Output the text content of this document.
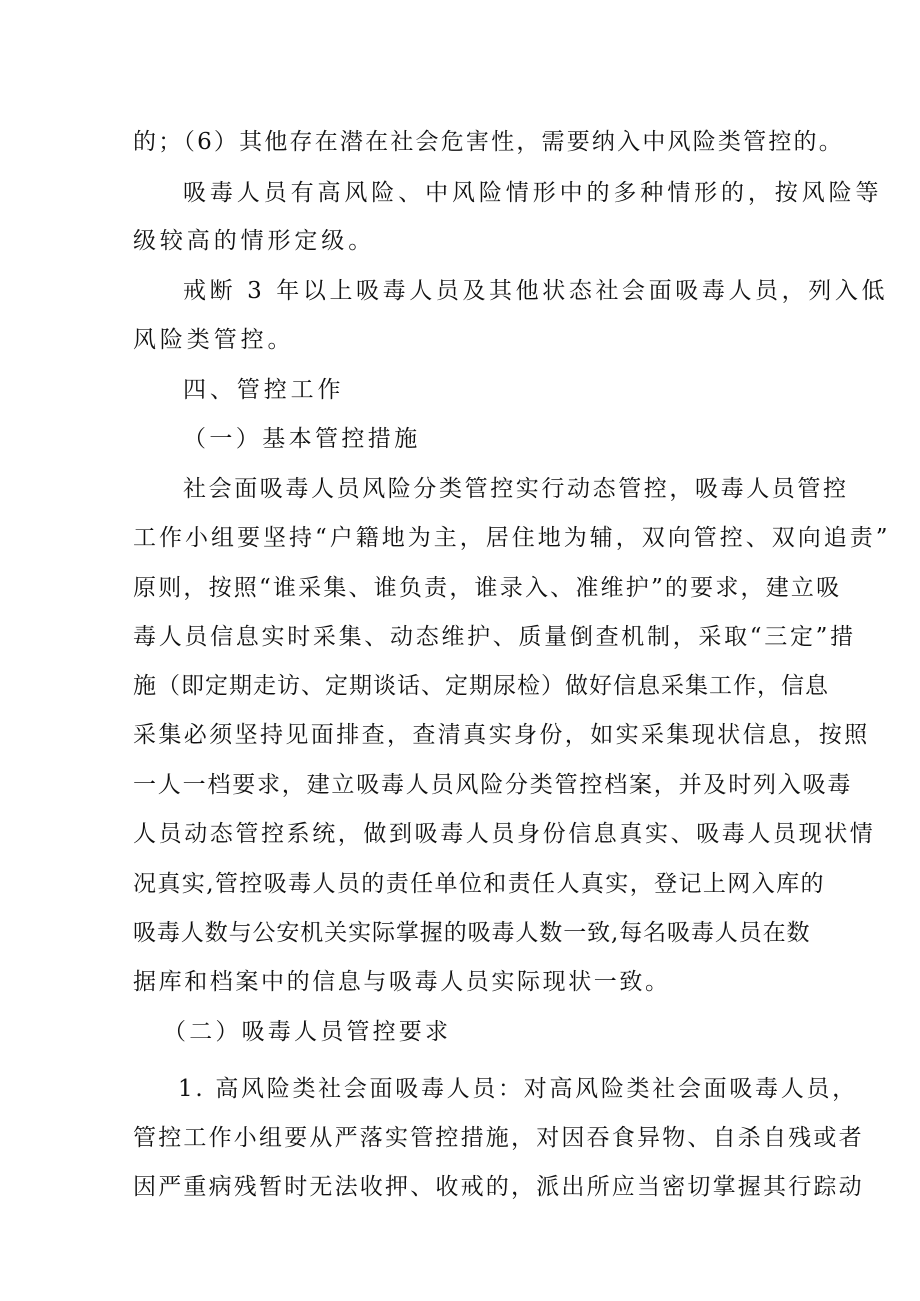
的；（6）其他存在潜在社会危害性，需要纳入中风险类管控的。
吸毒人员有高风险、中风险情形中的多种情形的，按风险等
级较高的情形定级。
戒断 3 年以上吸毒人员及其他状态社会面吸毒人员，列入低
风险类管控。
四、管控工作
（一）基本管控措施
社会面吸毒人员风险分类管控实行动态管控，吸毒人员管控
工作小组要坚持“户籍地为主，居住地为辅，双向管控、双向追责”
原则，按照“谁采集、谁负责，谁录入、准维护”的要求，建立吸
毒人员信息实时采集、动态维护、质量倒查机制，采取“三定”措
施（即定期走访、定期谈话、定期尿检）做好信息采集工作，信息
采集必须坚持见面排查，查清真实身份，如实采集现状信息，按照
一人一档要求，建立吸毒人员风险分类管控档案，并及时列入吸毒
人员动态管控系统，做到吸毒人员身份信息真实、吸毒人员现状情
况真实,管控吸毒人员的责任单位和责任人真实，登记上网入库的
吸毒人数与公安机关实际掌握的吸毒人数一致,每名吸毒人员在数
据库和档案中的信息与吸毒人员实际现状一致。
（二）吸毒人员管控要求
1. 高风险类社会面吸毒人员：对高风险类社会面吸毒人员，
管控工作小组要从严落实管控措施，对因吞食异物、自杀自残或者
因严重病残暂时无法收押、收戒的，派出所应当密切掌握其行踪动
